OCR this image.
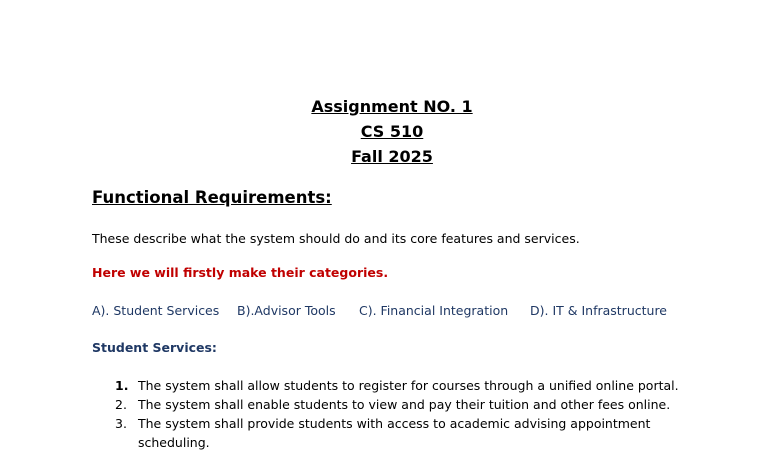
Assignment NO. 1
CS 510
Fall 2025
Functional Requirements:
These describe what the system should do and its core features and services.
Here we will firstly make their categories.
A). Student Services B).Advisor Tools C). Financial Integration D). IT & Infrastructure
Student Services:
1. The system shall allow students to register for courses through a unified online portal.
2. The system shall enable students to view and pay their tuition and other fees online.
3. The system shall provide students with access to academic advising appointment scheduling.
